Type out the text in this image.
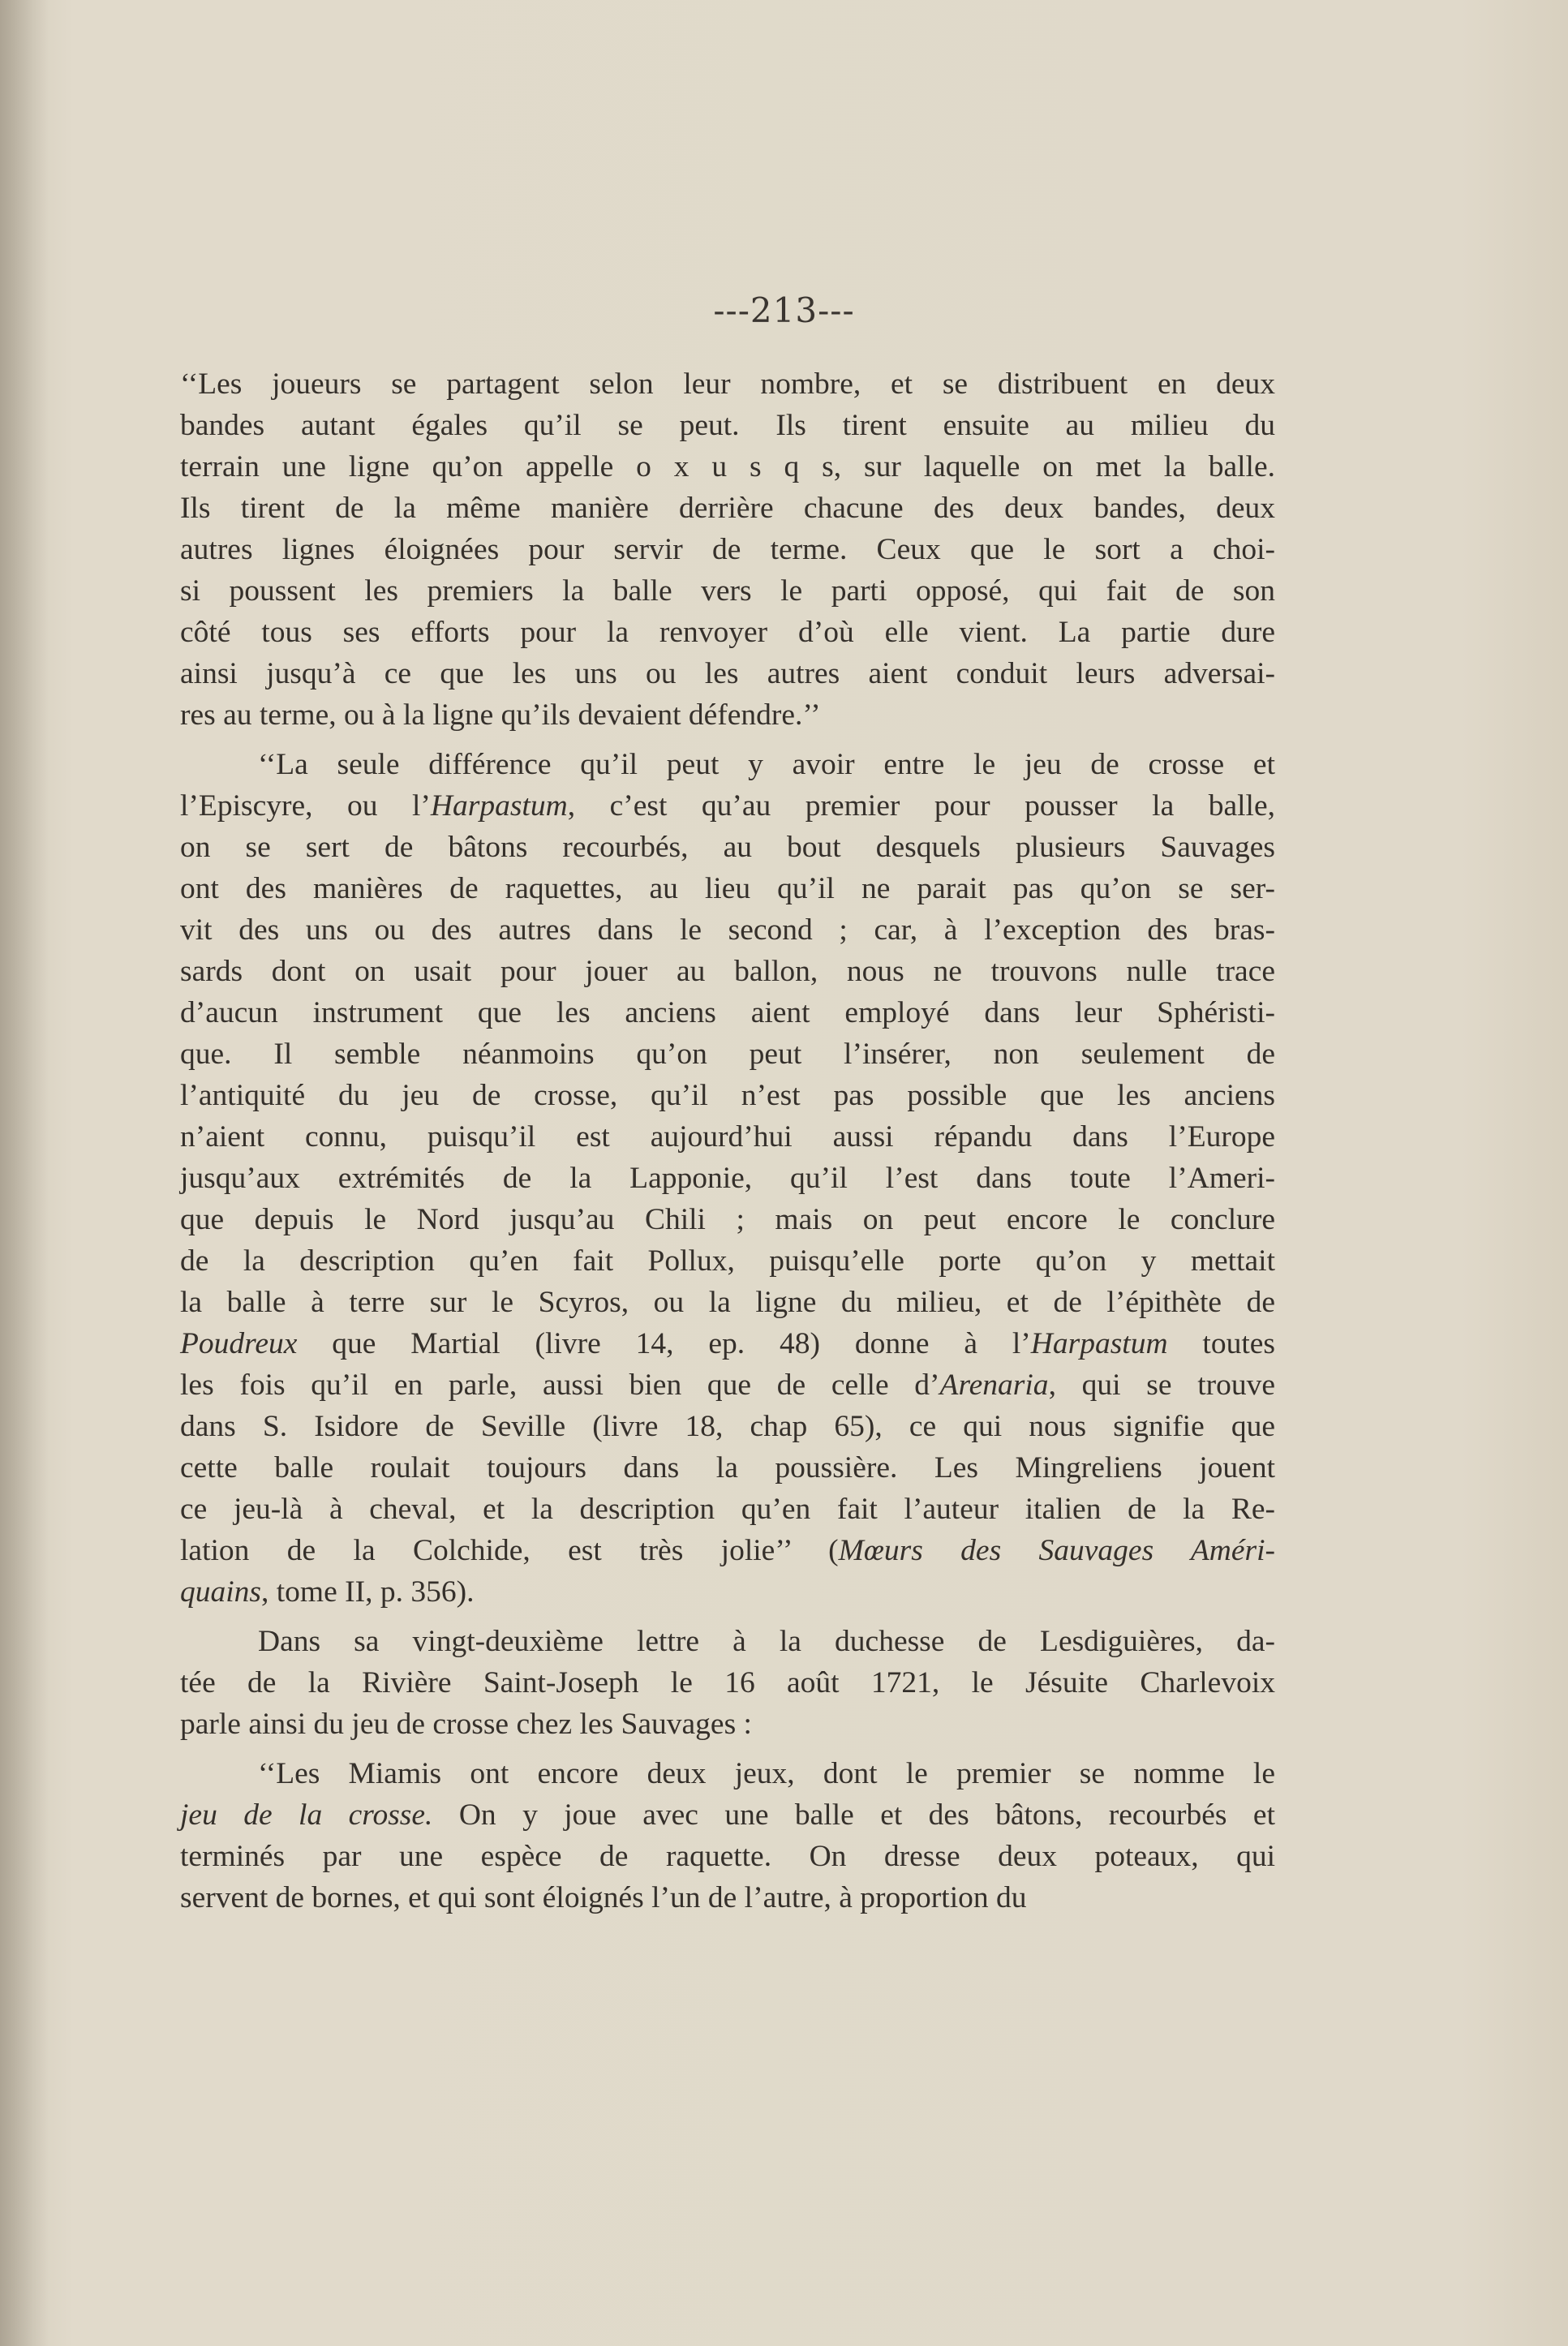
---213---
‘‘Les joueurs se partagent selon leur nombre, et se distribuent en deux
bandes autant égales qu’il se peut. Ils tirent ensuite au milieu du
terrain une ligne qu’on appelle o x u s q s, sur laquelle on met la balle.
Ils tirent de la même manière derrière chacune des deux bandes, deux
autres lignes éloignées pour servir de terme. Ceux que le sort a choi-
si poussent les premiers la balle vers le parti opposé, qui fait de son
côté tous ses efforts pour la renvoyer d’où elle vient. La partie dure
ainsi jusqu’à ce que les uns ou les autres aient conduit leurs adversai-
res au terme, ou à la ligne qu’ils devaient défendre.’’
‘‘La seule différence qu’il peut y avoir entre le jeu de crosse et
l’Episcyre, ou l’Harpastum, c’est qu’au premier pour pousser la balle,
on se sert de bâtons recourbés, au bout desquels plusieurs Sauvages
ont des manières de raquettes, au lieu qu’il ne parait pas qu’on se ser-
vit des uns ou des autres dans le second ; car, à l’exception des bras-
sards dont on usait pour jouer au ballon, nous ne trouvons nulle trace
d’aucun instrument que les anciens aient employé dans leur Sphéristi-
que. Il semble néanmoins qu’on peut l’insérer, non seulement de
l’antiquité du jeu de crosse, qu’il n’est pas possible que les anciens
n’aient connu, puisqu’il est aujourd’hui aussi répandu dans l’Europe
jusqu’aux extrémités de la Lapponie, qu’il l’est dans toute l’Ameri-
que depuis le Nord jusqu’au Chili ; mais on peut encore le conclure
de la description qu’en fait Pollux, puisqu’elle porte qu’on y mettait
la balle à terre sur le Scyros, ou la ligne du milieu, et de l’épithète de
Poudreux que Martial (livre 14, ep. 48) donne à l’Harpastum toutes
les fois qu’il en parle, aussi bien que de celle d’Arenaria, qui se trouve
dans S. Isidore de Seville (livre 18, chap 65), ce qui nous signifie que
cette balle roulait toujours dans la poussière. Les Mingreliens jouent
ce jeu-là à cheval, et la description qu’en fait l’auteur italien de la Re-
lation de la Colchide, est très jolie’’ (Mœurs des Sauvages Améri-
quains, tome II, p. 356).
Dans sa vingt-deuxième lettre à la duchesse de Lesdiguières, da-
tée de la Rivière Saint-Joseph le 16 août 1721, le Jésuite Charlevoix
parle ainsi du jeu de crosse chez les Sauvages :
‘‘Les Miamis ont encore deux jeux, dont le premier se nomme le
jeu de la crosse. On y joue avec une balle et des bâtons, recourbés et
terminés par une espèce de raquette. On dresse deux poteaux, qui
servent de bornes, et qui sont éloignés l’un de l’autre, à proportion du
